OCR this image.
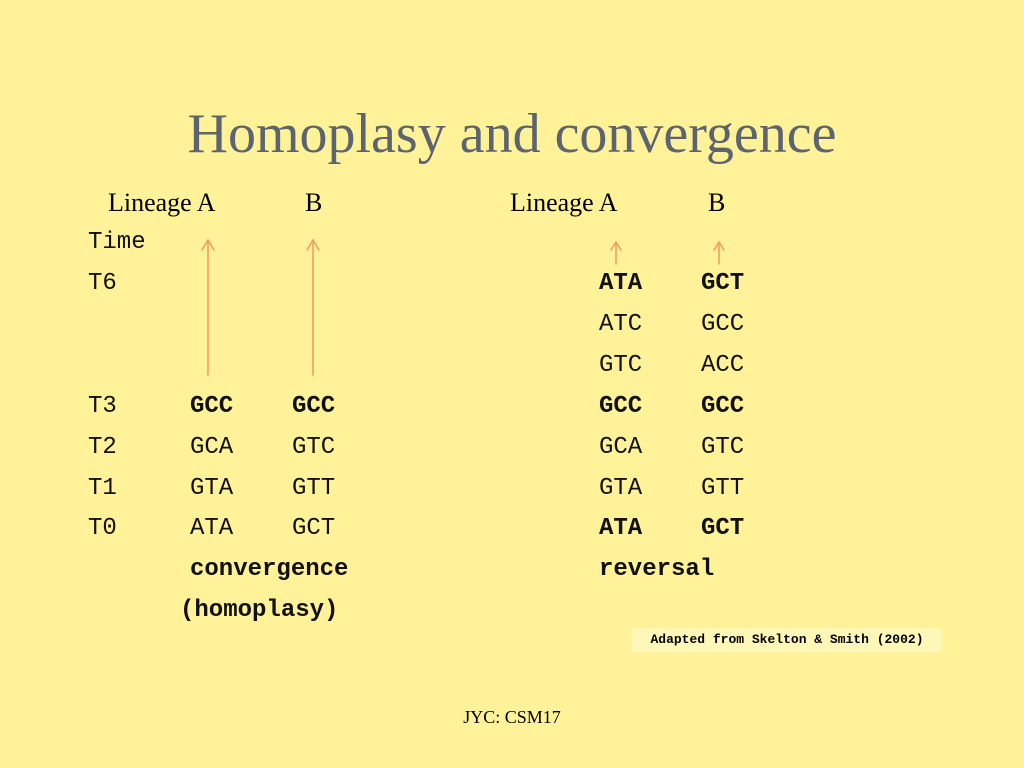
Homoplasy and convergence
Lineage A	B
Time
T6
T3
T2
T1
T0
GCC GCC
GCA GTC
GTA GTT
ATA GCT
convergence
(homoplasy)
Lineage A	B
ATA GCT
ATC GCC
GTC ACC
GCC GCC
GCA GTC
GTA GTT
ATA GCT
reversal
Adapted from Skelton & Smith (2002)
JYC: CSM17
